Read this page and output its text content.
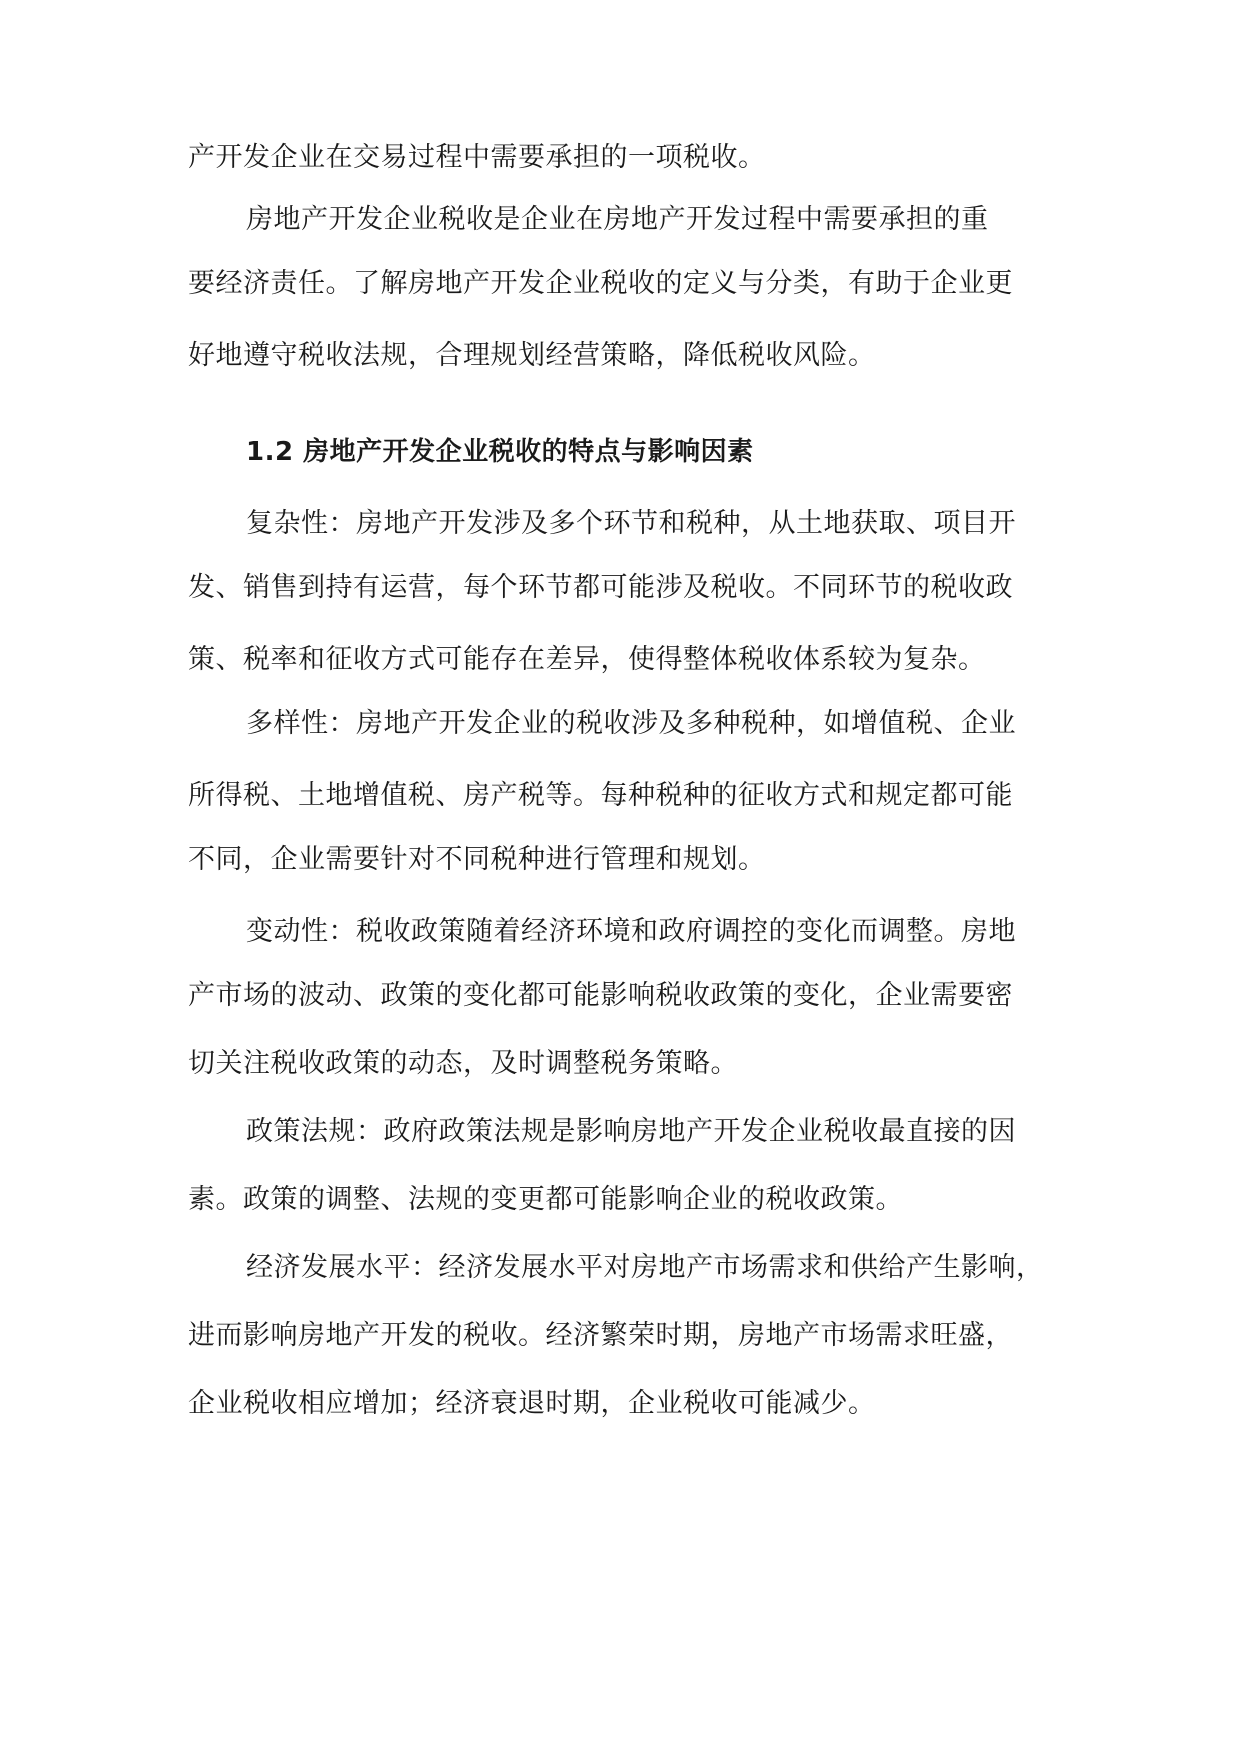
产开发企业在交易过程中需要承担的一项税收。
房地产开发企业税收是企业在房地产开发过程中需要承担的重
要经济责任。了解房地产开发企业税收的定义与分类，有助于企业更
好地遵守税收法规，合理规划经营策略，降低税收风险。
1.2 房地产开发企业税收的特点与影响因素
复杂性：房地产开发涉及多个环节和税种，从土地获取、项目开
发、销售到持有运营，每个环节都可能涉及税收。不同环节的税收政
策、税率和征收方式可能存在差异，使得整体税收体系较为复杂。
多样性：房地产开发企业的税收涉及多种税种，如增值税、企业
所得税、土地增值税、房产税等。每种税种的征收方式和规定都可能
不同，企业需要针对不同税种进行管理和规划。
变动性：税收政策随着经济环境和政府调控的变化而调整。房地
产市场的波动、政策的变化都可能影响税收政策的变化，企业需要密
切关注税收政策的动态，及时调整税务策略。
政策法规：政府政策法规是影响房地产开发企业税收最直接的因
素。政策的调整、法规的变更都可能影响企业的税收政策。
经济发展水平：经济发展水平对房地产市场需求和供给产生影响，
进而影响房地产开发的税收。经济繁荣时期，房地产市场需求旺盛，
企业税收相应增加；经济衰退时期，企业税收可能减少。
